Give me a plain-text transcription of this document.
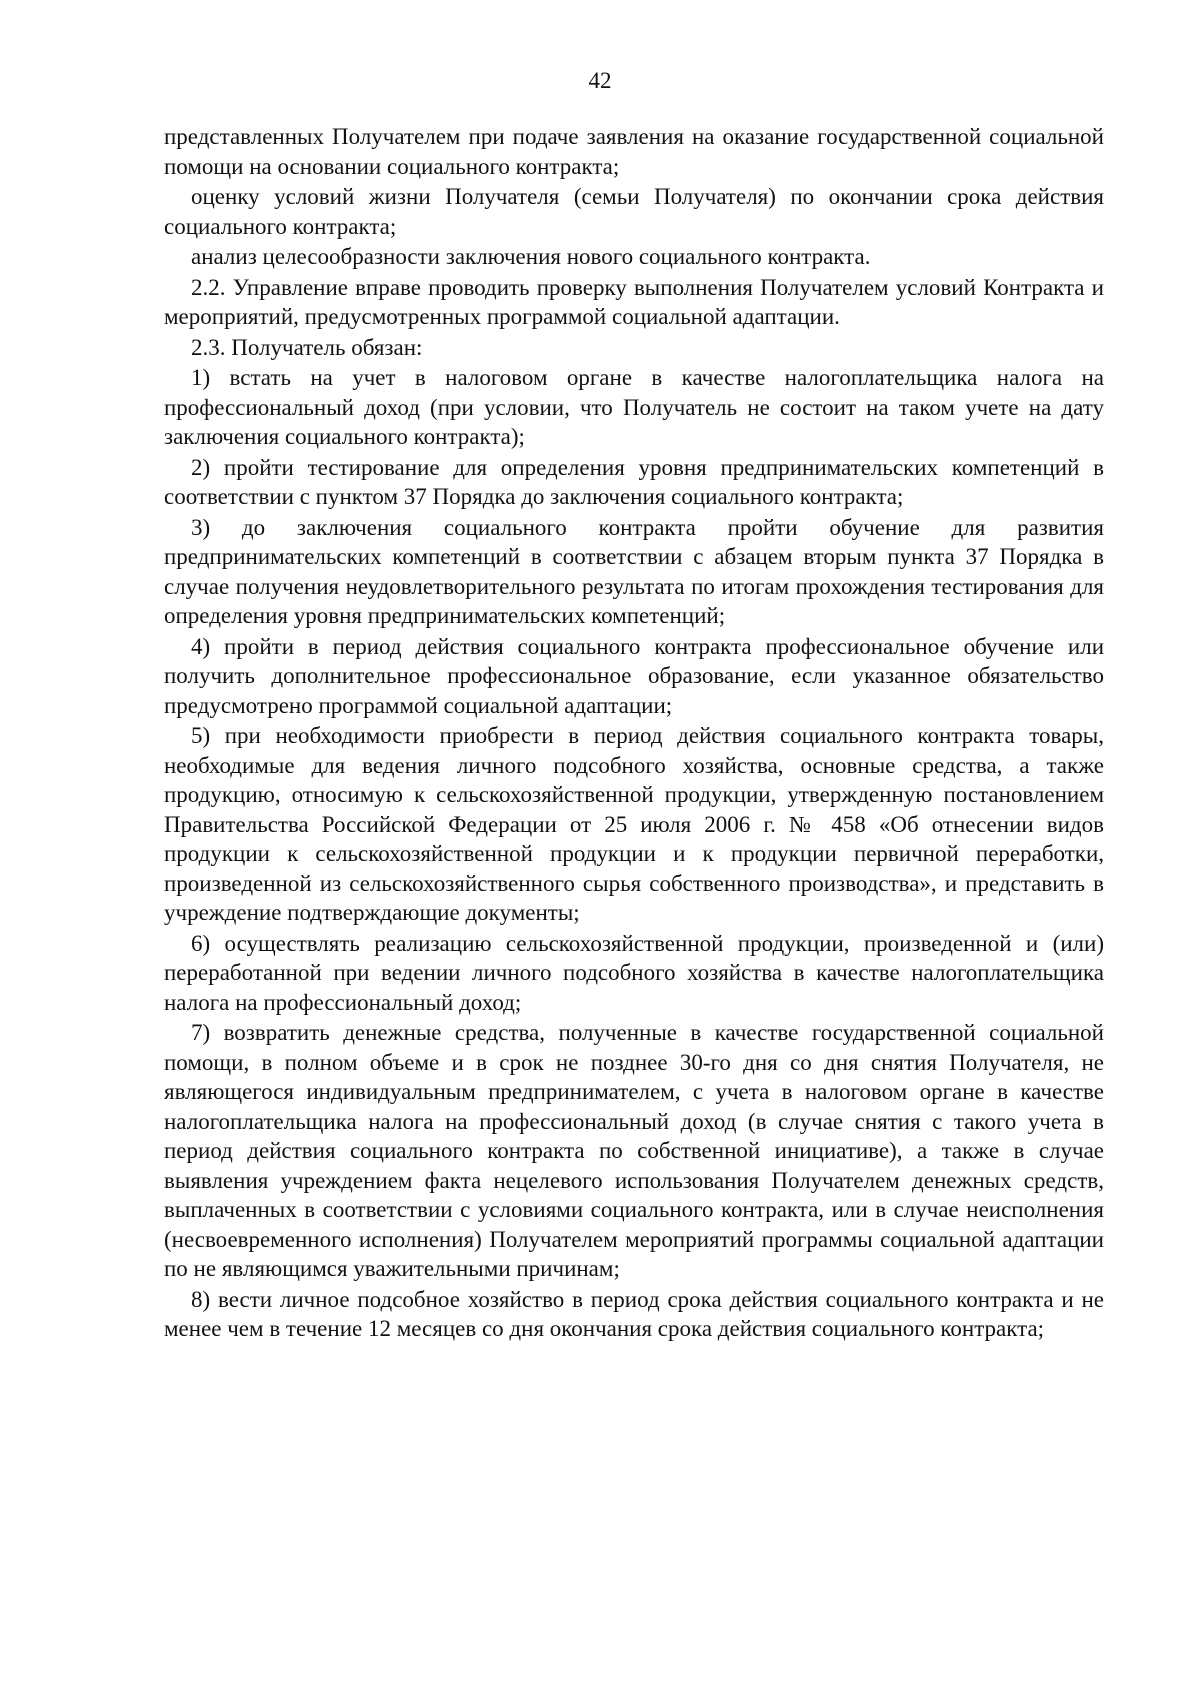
42

представленных Получателем при подаче заявления на оказание государственной социальной помощи на основании социального контракта;

оценку условий жизни Получателя (семьи Получателя) по окончании срока действия социального контракта;

анализ целесообразности заключения нового социального контракта.

2.2. Управление вправе проводить проверку выполнения Получателем условий Контракта и мероприятий, предусмотренных программой социальной адаптации.

2.3. Получатель обязан:

1) встать на учет в налоговом органе в качестве налогоплательщика налога на профессиональный доход (при условии, что Получатель не состоит на таком учете на дату заключения социального контракта);

2) пройти тестирование для определения уровня предпринимательских компетенций в соответствии с пунктом 37 Порядка до заключения социального контракта;

3) до заключения социального контракта пройти обучение для развития предпринимательских компетенций в соответствии с абзацем вторым пункта 37 Порядка в случае получения неудовлетворительного результата по итогам прохождения тестирования для определения уровня предпринимательских компетенций;

4) пройти в период действия социального контракта профессиональное обучение или получить дополнительное профессиональное образование, если указанное обязательство предусмотрено программой социальной адаптации;

5) при необходимости приобрести в период действия социального контракта товары, необходимые для ведения личного подсобного хозяйства, основные средства, а также продукцию, относимую к сельскохозяйственной продукции, утвержденную постановлением Правительства Российской Федерации от 25 июля 2006 г. № 458 «Об отнесении видов продукции к сельскохозяйственной продукции и к продукции первичной переработки, произведенной из сельскохозяйственного сырья собственного производства», и представить в учреждение подтверждающие документы;

6) осуществлять реализацию сельскохозяйственной продукции, произведенной и (или) переработанной при ведении личного подсобного хозяйства в качестве налогоплательщика налога на профессиональный доход;

7) возвратить денежные средства, полученные в качестве государственной социальной помощи, в полном объеме и в срок не позднее 30-го дня со дня снятия Получателя, не являющегося индивидуальным предпринимателем, с учета в налоговом органе в качестве налогоплательщика налога на профессиональный доход (в случае снятия с такого учета в период действия социального контракта по собственной инициативе), а также в случае выявления учреждением факта нецелевого использования Получателем денежных средств, выплаченных в соответствии с условиями социального контракта, или в случае неисполнения (несвоевременного исполнения) Получателем мероприятий программы социальной адаптации по не являющимся уважительными причинам;

8) вести личное подсобное хозяйство в период срока действия социального контракта и не менее чем в течение 12 месяцев со дня окончания срока действия социального контракта;
